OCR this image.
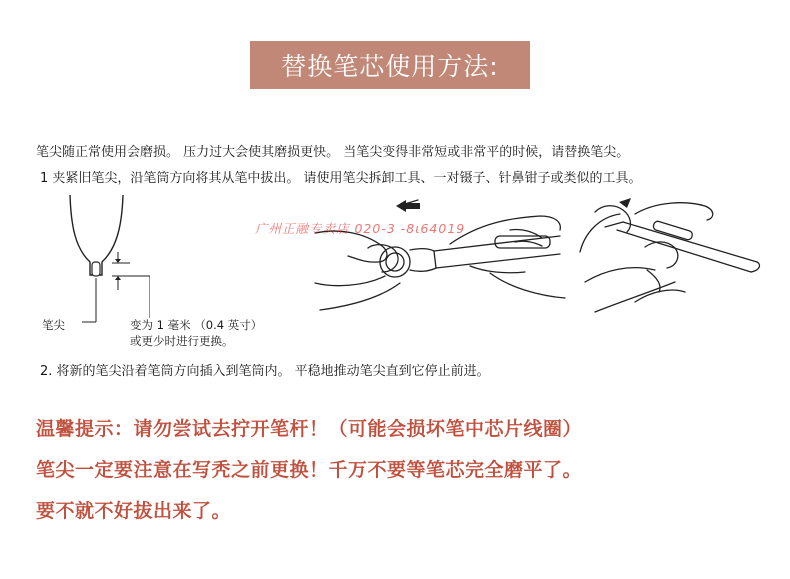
替换笔芯使用方法:
笔尖随正常使用会磨损。 压力过大会使其磨损更快。 当笔尖变得非常短或非常平的时候，请替换笔尖。
1 夹紧旧笔尖，沿笔筒方向将其从笔中拔出。 请使用笔尖拆卸工具、一对镊子、针鼻钳子或类似的工具。
笔尖	变为 1 毫米 （0.4 英寸）
或更少时进行更换。
广州正融专卖店 020-3 -8ι64019
2. 将新的笔尖沿着笔筒方向插入到笔筒内。 平稳地推动笔尖直到它停止前进。
温馨提示：请勿尝试去拧开笔杆！（可能会损坏笔中芯片线圈）
笔尖一定要注意在写秃之前更换！千万不要等笔芯完全磨平了。
要不就不好拔出来了。
